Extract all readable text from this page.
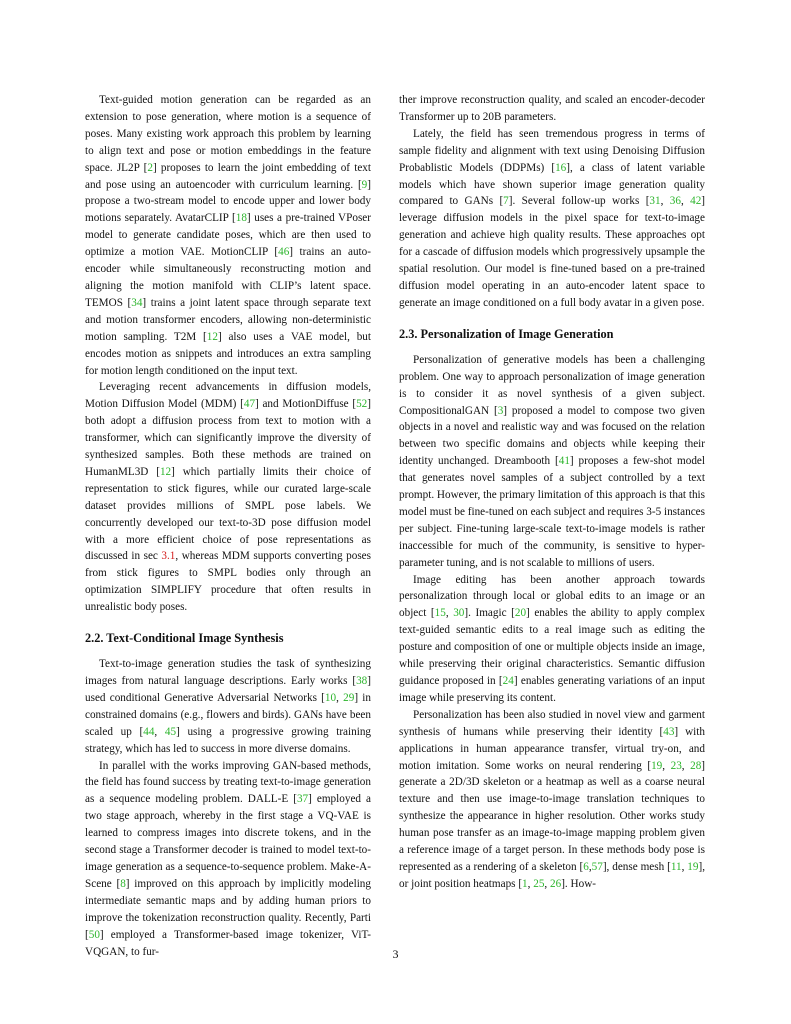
Text-guided motion generation can be regarded as an extension to pose generation, where motion is a sequence of poses. Many existing work approach this problem by learning to align text and pose or motion embeddings in the feature space. JL2P [2] proposes to learn the joint embedding of text and pose using an autoencoder with curriculum learning. [9] propose a two-stream model to encode upper and lower body motions separately. AvatarCLIP [18] uses a pre-trained VPoser model to generate candidate poses, which are then used to optimize a motion VAE. MotionCLIP [46] trains an auto-encoder while simultaneously reconstructing motion and aligning the motion manifold with CLIP’s latent space. TEMOS [34] trains a joint latent space through separate text and motion transformer encoders, allowing non-deterministic motion sampling. T2M [12] also uses a VAE model, but encodes motion as snippets and introduces an extra sampling for motion length conditioned on the input text.

Leveraging recent advancements in diffusion models, Motion Diffusion Model (MDM) [47] and MotionDiffuse [52] both adopt a diffusion process from text to motion with a transformer, which can significantly improve the diversity of synthesized samples. Both these methods are trained on HumanML3D [12] which partially limits their choice of representation to stick figures, while our curated large-scale dataset provides millions of SMPL pose labels. We concurrently developed our text-to-3D pose diffusion model with a more efficient choice of pose representations as discussed in sec 3.1, whereas MDM supports converting poses from stick figures to SMPL bodies only through an optimization SIMPLIFY procedure that often results in unrealistic body poses.

2.2. Text-Conditional Image Synthesis

Text-to-image generation studies the task of synthesizing images from natural language descriptions. Early works [38] used conditional Generative Adversarial Networks [10, 29] in constrained domains (e.g., flowers and birds). GANs have been scaled up [44, 45] using a progressive growing training strategy, which has led to success in more diverse domains.

In parallel with the works improving GAN-based methods, the field has found success by treating text-to-image generation as a sequence modeling problem. DALL-E [37] employed a two stage approach, whereby in the first stage a VQ-VAE is learned to compress images into discrete tokens, and in the second stage a Transformer decoder is trained to model text-to-image generation as a sequence-to-sequence problem. Make-A-Scene [8] improved on this approach by implicitly modeling intermediate semantic maps and by adding human priors to improve the tokenization reconstruction quality. Recently, Parti [50] employed a Transformer-based image tokenizer, ViT-VQGAN, to fur-

ther improve reconstruction quality, and scaled an encoder-decoder Transformer up to 20B parameters.

Lately, the field has seen tremendous progress in terms of sample fidelity and alignment with text using Denoising Diffusion Probablistic Models (DDPMs) [16], a class of latent variable models which have shown superior image generation quality compared to GANs [7]. Several follow-up works [31, 36, 42] leverage diffusion models in the pixel space for text-to-image generation and achieve high quality results. These approaches opt for a cascade of diffusion models which progressively upsample the spatial resolution. Our model is fine-tuned based on a pre-trained diffusion model operating in an auto-encoder latent space to generate an image conditioned on a full body avatar in a given pose.

2.3. Personalization of Image Generation

Personalization of generative models has been a challenging problem. One way to approach personalization of image generation is to consider it as novel synthesis of a given subject. CompositionalGAN [3] proposed a model to compose two given objects in a novel and realistic way and was focused on the relation between two specific domains and objects while keeping their identity unchanged. Dreambooth [41] proposes a few-shot model that generates novel samples of a subject controlled by a text prompt. However, the primary limitation of this approach is that this model must be fine-tuned on each subject and requires 3-5 instances per subject. Fine-tuning large-scale text-to-image models is rather inaccessible for much of the community, is sensitive to hyper-parameter tuning, and is not scalable to millions of users.

Image editing has been another approach towards personalization through local or global edits to an image or an object [15, 30]. Imagic [20] enables the ability to apply complex text-guided semantic edits to a real image such as editing the posture and composition of one or multiple objects inside an image, while preserving their original characteristics. Semantic diffusion guidance proposed in [24] enables generating variations of an input image while preserving its content.

Personalization has been also studied in novel view and garment synthesis of humans while preserving their identity [43] with applications in human appearance transfer, virtual try-on, and motion imitation. Some works on neural rendering [19, 23, 28] generate a 2D/3D skeleton or a heatmap as well as a coarse neural texture and then use image-to-image translation techniques to synthesize the appearance in higher resolution. Other works study human pose transfer as an image-to-image mapping problem given a reference image of a target person. In these methods body pose is represented as a rendering of a skeleton [6,57], dense mesh [11, 19], or joint position heatmaps [1, 25, 26]. How-

3
